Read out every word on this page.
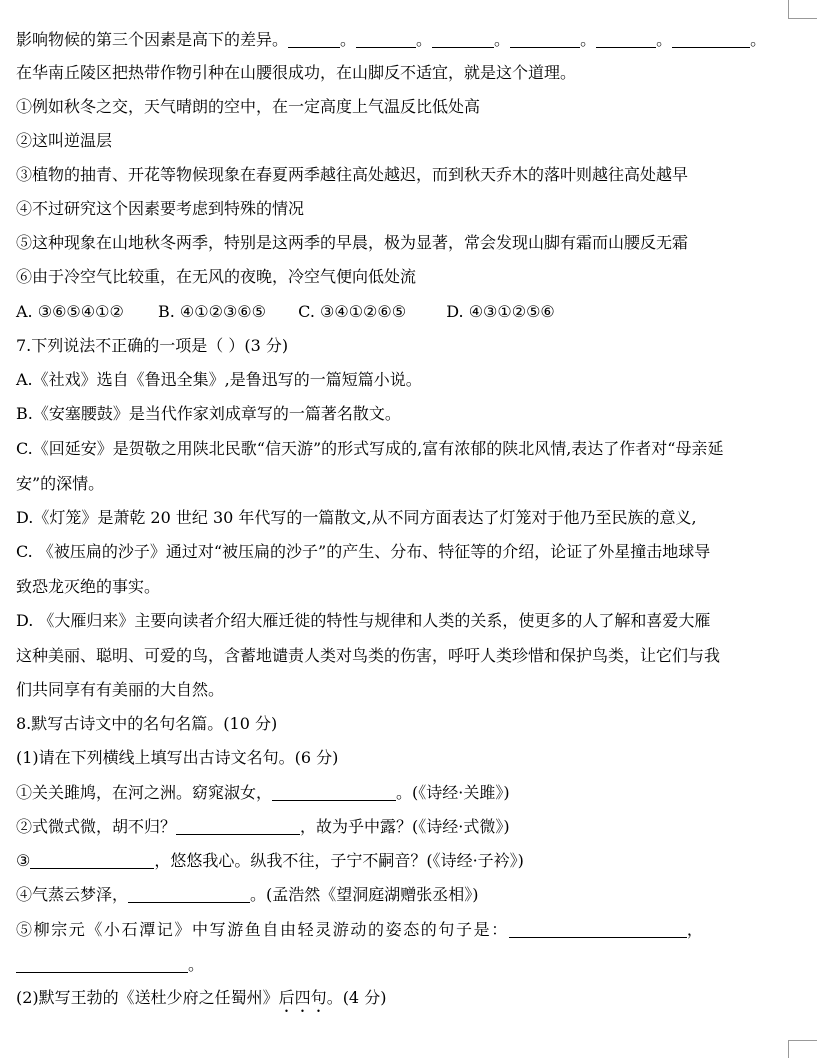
影响物候的第三个因素是高下的差异。	。	。	。	。	。	。
在华南丘陵区把热带作物引种在山腰很成功，在山脚反不适宜，就是这个道理。
①例如秋冬之交，天气晴朗的空中，在一定高度上气温反比低处高
②这叫逆温层
③植物的抽青、开花等物候现象在春夏两季越往高处越迟，而到秋天乔木的落叶则越往高处越早
④不过研究这个因素要考虑到特殊的情况
⑤这种现象在山地秋冬两季，特别是这两季的早晨，极为显著，常会发现山脚有霜而山腰反无霜
⑥由于冷空气比较重，在无风的夜晚，冷空气便向低处流
A. ③⑥⑤④①② B. ④①②③⑥⑤ C. ③④①②⑥⑤	D. ④③①②⑤⑥
7.下列说法不正确的一项是（ ）(3 分)
A.《社戏》选自《鲁迅全集》,是鲁迅写的一篇短篇小说。
B.《安塞腰鼓》是当代作家刘成章写的一篇著名散文。
C.《回延安》是贺敬之用陕北民歌“信天游”的形式写成的,富有浓郁的陕北风情,表达了作者对“母亲延
安”的深情。
D.《灯笼》是萧乾 20 世纪 30 年代写的一篇散文,从不同方面表达了灯笼对于他乃至民族的意义,
C. 《被压扁的沙子》通过对“被压扁的沙子”的产生、分布、特征等的介绍，论证了外星撞击地球导
致恐龙灭绝的事实。
D. 《大雁归来》主要向读者介绍大雁迁徙的特性与规律和人类的关系，使更多的人了解和喜爱大雁
这种美丽、聪明、可爱的鸟，含蓄地谴责人类对鸟类的伤害，呼吁人类珍惜和保护鸟类，让它们与我
们共同享有有美丽的大自然。
8.默写古诗文中的名句名篇。(10 分)
(1)请在下列横线上填写出古诗文名句。(6 分)
①关关雎鸠，在河之洲。窈窕淑女，	。(《诗经·关雎》)
②式微式微，胡不归？	，故为乎中露？(《诗经·式微》)
③	，悠悠我心。纵我不往，子宁不嗣音？(《诗经·子衿》)
④气蒸云梦泽，	。(孟浩然《望洞庭湖赠张丞相》)
⑤柳宗元《小石潭记》中写游鱼自由轻灵游动的姿态的句子是：	，
。
(2)默写王勃的《送杜少府之任蜀州》后四句。(4 分)
